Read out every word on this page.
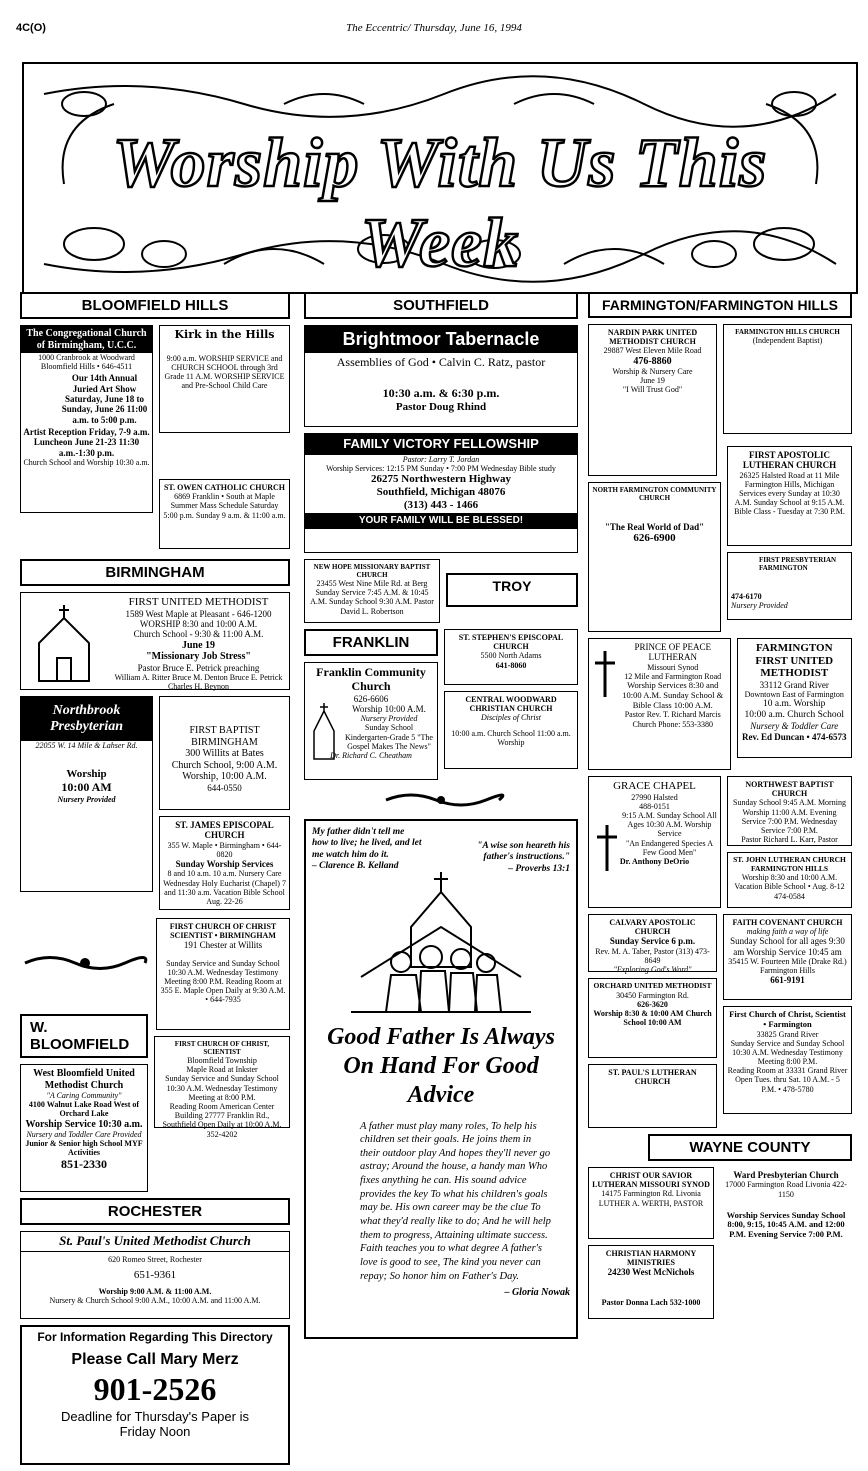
4C(O)	The Eccentric/ Thursday, June 16, 1994
Worship With Us This Week
BLOOMFIELD HILLS
The Congregational Church of Birmingham, U.C.C.
1000 Cranbrook at Woodward Bloomfield Hills • 646-4511
Our 14th Annual Juried Art Show Saturday, June 18 to Sunday, June 26 11:00 a.m. to 5:00 p.m.
Artist Reception Friday, 7-9 a.m.
Luncheon June 21-23 11:30 a.m.-1:30 p.m.
Church School and Worship 10:30 a.m.
Kirk in the Hills
9:00 a.m. WORSHIP SERVICE and CHURCH SCHOOL through 3rd Grade 11 A.M. WORSHIP SERVICE and Pre-School Child Care
ST. OWEN CATHOLIC CHURCH
6869 Franklin • South at Maple
Summer Mass Schedule Saturday 5:00 p.m. Sunday 9 a.m. & 11:00 a.m.
BIRMINGHAM
FIRST UNITED METHODIST
1589 West Maple at Pleasant - 646-1200
WORSHIP 8:30 and 10:00 A.M.
Church School - 9:30 & 11:00 A.M.
June 19
"Missionary Job Stress"
Pastor Bruce E. Petrick preaching
William A. Ritter Bruce M. Denton Bruce E. Petrick Charles H. Beynon
Northbrook Presbyterian
22055 W. 14 Mile & Lahser Rd.
Worship
10:00 AM
Nursery Provided
FIRST BAPTIST BIRMINGHAM
300 Willits at Bates
Church School, 9:00 A.M. Worship, 10:00 A.M.
644-0550
ST. JAMES EPISCOPAL CHURCH
355 W. Maple • Birmingham • 644-0820
Sunday Worship Services
8 and 10 a.m. 10 a.m. Nursery Care Wednesday Holy Eucharist (Chapel) 7 and 11:30 a.m. Vacation Bible School Aug. 22-26
FIRST CHURCH OF CHRIST SCIENTIST • BIRMINGHAM
191 Chester at Willits
Sunday Service and Sunday School 10:30 A.M. Wednesday Testimony Meeting 8:00 P.M. Reading Room at 355 E. Maple Open Daily at 9:30 A.M. • 644-7935
W. BLOOMFIELD
West Bloomfield United Methodist Church
"A Caring Community"
4100 Walnut Lake Road West of Orchard Lake
Worship Service 10:30 a.m.
Nursery and Toddler Care Provided
Junior & Senior high School MYF Activities
851-2330
FIRST CHURCH OF CHRIST, SCIENTIST
Bloomfield Township
Maple Road at Inkster
Sunday Service and Sunday School 10:30 A.M. Wednesday Testimony Meeting at 8:00 P.M.
Reading Room American Center Building 27777 Franklin Rd., Southfield Open Daily at 10:00 A.M. 352-4202
ROCHESTER
St. Paul's United Methodist Church
620 Romeo Street, Rochester
651-9361
Worship 9:00 A.M. & 11:00 A.M.
Nursery & Church School 9:00 A.M., 10:00 A.M. and 11:00 A.M.
For Information Regarding This Directory
Please Call Mary Merz
901-2526
Deadline for Thursday's Paper is Friday Noon
SOUTHFIELD
Brightmoor Tabernacle
Assemblies of God • Calvin C. Ratz, pastor
10:30 a.m. & 6:30 p.m.
Pastor Doug Rhind
FAMILY VICTORY FELLOWSHIP
Pastor: Larry T. Jordan
Worship Services: 12:15 PM Sunday • 7:00 PM Wednesday Bible study
26275 Northwestern Highway
Southfield, Michigan 48076
(313) 443 - 1466
YOUR FAMILY WILL BE BLESSED!
NEW HOPE MISSIONARY BAPTIST CHURCH
23455 West Nine Mile Rd. at Berg
Sunday Service 7:45 A.M. & 10:45 A.M. Sunday School 9:30 A.M. Pastor David L. Robertson
TROY
FRANKLIN
Franklin Community Church
626-6606
Worship 10:00 A.M.
Nursery Provided
Sunday School Kindergarten-Grade 5 "The Gospel Makes The News"
Dr. Richard C. Cheatham
ST. STEPHEN'S EPISCOPAL CHURCH
5500 North Adams
641-8060
CENTRAL WOODWARD CHRISTIAN CHURCH
Disciples of Christ
10:00 a.m. Church School 11:00 a.m. Worship
My father didn't tell me how to live; he lived, and let me watch him do it.
– Clarence B. Kelland
"A wise son heareth his father's instructions."
– Proverbs 13:1
Good Father Is Always On Hand For Good Advice
A father must play many roles, To help his children set their goals. He joins them in their outdoor play And hopes they'll never go astray; Around the house, a handy man Who fixes anything he can. His sound advice provides the key To what his children's goals may be. His own career may be the clue To what they'd really like to do; And he will help them to progress, Attaining ultimate success. Faith teaches you to what degree A father's love is good to see, The kind you never can repay; So honor him on Father's Day.
– Gloria Nowak
FARMINGTON/FARMINGTON HILLS
NARDIN PARK UNITED METHODIST CHURCH
29887 West Eleven Mile Road
476-8860
Worship & Nursery Care
June 19
"I Will Trust God"
FARMINGTON HILLS CHURCH
(Independent Baptist)
NORTH FARMINGTON COMMUNITY CHURCH
"The Real World of Dad"
626-6900
FIRST APOSTOLIC LUTHERAN CHURCH
26325 Halsted Road at 11 Mile Farmington Hills, Michigan
Services every Sunday at 10:30 A.M. Sunday School at 9:15 A.M. Bible Class - Tuesday at 7:30 P.M.
FIRST PRESBYTERIAN FARMINGTON
474-6170
Nursery Provided
PRINCE OF PEACE LUTHERAN
Missouri Synod
12 Mile and Farmington Road
Worship Services 8:30 and 10:00 A.M. Sunday School & Bible Class 10:00 A.M.
Pastor Rev. T. Richard Marcis Church Phone: 553-3380
FARMINGTON FIRST UNITED METHODIST
33112 Grand River
Downtown East of Farmington
10 a.m. Worship
10:00 a.m. Church School
Nursery & Toddler Care
Rev. Ed Duncan • 474-6573
GRACE CHAPEL
27990 Halsted
488-0151
9:15 A.M. Sunday School All Ages 10:30 A.M. Worship Service
"An Endangered Species A Few Good Men"
Dr. Anthony DeOrio
NORTHWEST BAPTIST CHURCH
Sunday School 9:45 A.M. Morning Worship 11:00 A.M. Evening Service 7:00 P.M. Wednesday Service 7:00 P.M.
Pastor Richard L. Karr, Pastor
ST. JOHN LUTHERAN CHURCH FARMINGTON HILLS
Worship 8:30 and 10:00 A.M. Vacation Bible School • Aug. 8-12
474-0584
CALVARY APOSTOLIC CHURCH
Sunday Service 6 p.m.
Rev. M. A. Taber, Pastor (313) 473-8649
"Exploring God's Word"
ORCHARD UNITED METHODIST
30450 Farmington Rd.
626-3620
Worship 8:30 & 10:00 AM Church School 10:00 AM
ST. PAUL'S LUTHERAN CHURCH
FAITH COVENANT CHURCH
making faith a way of life
Sunday School for all ages 9:30 am Worship Service 10:45 am
35415 W. Fourteen Mile (Drake Rd.) Farmington Hills
661-9191
First Church of Christ, Scientist • Farmington
33825 Grand River
Sunday Service and Sunday School 10:30 A.M. Wednesday Testimony Meeting 8:00 P.M.
Reading Room at 33331 Grand River Open Tues. thru Sat. 10 A.M. - 5 P.M. • 478-5780
WAYNE COUNTY
CHRIST OUR SAVIOR LUTHERAN MISSOURI SYNOD
14175 Farmington Rd. Livonia
LUTHER A. WERTH, PASTOR
CHRISTIAN HARMONY MINISTRIES
24230 West McNichols
Pastor Donna Lach 532-1000
Ward Presbyterian Church
17000 Farmington Road Livonia 422-1150
Worship Services Sunday School 8:00, 9:15, 10:45 A.M. and 12:00 P.M. Evening Service 7:00 P.M.
